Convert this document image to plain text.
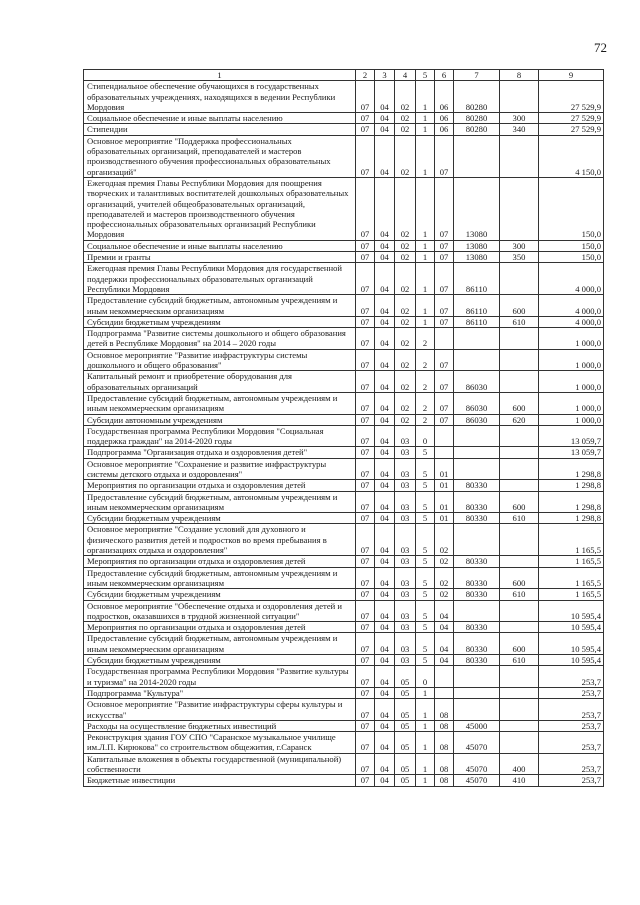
72
1	2	3	4	5	6	7	8	9
Стипендиальное обеспечение обучающихся в государственных образовательных учреждениях, находящихся в ведении Республики Мордовия	07	04	02	1	06	80280		27 529,9
Социальное обеспечение и иные выплаты населению	07	04	02	1	06	80280	300	27 529,9
Стипендии	07	04	02	1	06	80280	340	27 529,9
Основное мероприятие "Поддержка профессиональных образовательных организаций, преподавателей и мастеров производственного обучения профессиональных образовательных организаций"	07	04	02	1	07			4 150,0
Ежегодная премия Главы Республики Мордовия для поощрения творческих и талантливых воспитателей дошкольных образовательных организаций, учителей общеобразовательных организаций, преподавателей и мастеров производственного обучения профессиональных образовательных организаций Республики Мордовия	07	04	02	1	07	13080		150,0
Социальное обеспечение и иные выплаты населению	07	04	02	1	07	13080	300	150,0
Премии и гранты	07	04	02	1	07	13080	350	150,0
Ежегодная премия Главы Республики Мордовия для государственной поддержки профессиональных образовательных организаций Республики Мордовия	07	04	02	1	07	86110		4 000,0
Предоставление субсидий бюджетным, автономным учреждениям и иным некоммерческим организациям	07	04	02	1	07	86110	600	4 000,0
Субсидии бюджетным учреждениям	07	04	02	1	07	86110	610	4 000,0
Подпрограмма "Развитие системы дошкольного и общего образования детей в Республике Мордовия" на 2014 – 2020 годы	07	04	02	2				1 000,0
Основное мероприятие "Развитие инфраструктуры системы дошкольного и общего образования"	07	04	02	2	07			1 000,0
Капитальный ремонт и приобретение оборудования для образовательных организаций	07	04	02	2	07	86030		1 000,0
Предоставление субсидий бюджетным, автономным учреждениям и иным некоммерческим организациям	07	04	02	2	07	86030	600	1 000,0
Субсидии автономным учреждениям	07	04	02	2	07	86030	620	1 000,0
Государственная программа Республики Мордовия "Социальная поддержка граждан" на 2014-2020 годы	07	04	03	0				13 059,7
Подпрограмма "Организация отдыха и оздоровления детей"	07	04	03	5				13 059,7
Основное мероприятие "Сохранение и развитие инфраструктуры системы детского отдыха и оздоровления"	07	04	03	5	01			1 298,8
Мероприятия по организации отдыха и оздоровления детей	07	04	03	5	01	80330		1 298,8
Предоставление субсидий бюджетным, автономным учреждениям и иным некоммерческим организациям	07	04	03	5	01	80330	600	1 298,8
Субсидии бюджетным учреждениям	07	04	03	5	01	80330	610	1 298,8
Основное мероприятие "Создание условий для духовного и физического развития детей и подростков во время пребывания в организациях отдыха и оздоровления"	07	04	03	5	02			1 165,5
Мероприятия по организации отдыха и оздоровления детей	07	04	03	5	02	80330		1 165,5
Предоставление субсидий бюджетным, автономным учреждениям и иным некоммерческим организациям	07	04	03	5	02	80330	600	1 165,5
Субсидии бюджетным учреждениям	07	04	03	5	02	80330	610	1 165,5
Основное мероприятие "Обеспечение отдыха и оздоровления детей и подростков, оказавшихся в трудной жизненной ситуации"	07	04	03	5	04			10 595,4
Мероприятия по организации отдыха и оздоровления детей	07	04	03	5	04	80330		10 595,4
Предоставление субсидий бюджетным, автономным учреждениям и иным некоммерческим организациям	07	04	03	5	04	80330	600	10 595,4
Субсидии бюджетным учреждениям	07	04	03	5	04	80330	610	10 595,4
Государственная программа Республики Мордовия "Развитие культуры и туризма" на 2014-2020 годы	07	04	05	0				253,7
Подпрограмма "Культура"	07	04	05	1				253,7
Основное мероприятие "Развитие инфраструктуры сферы культуры и искусства"	07	04	05	1	08			253,7
Расходы на осуществление бюджетных инвестиций	07	04	05	1	08	45000		253,7
Реконструкция здания ГОУ СПО "Саранское музыкальное училище им.Л.П. Кирюкова" со строительством общежития, г.Саранск	07	04	05	1	08	45070		253,7
Капитальные вложения в объекты государственной (муниципальной) собственности	07	04	05	1	08	45070	400	253,7
Бюджетные инвестиции	07	04	05	1	08	45070	410	253,7
